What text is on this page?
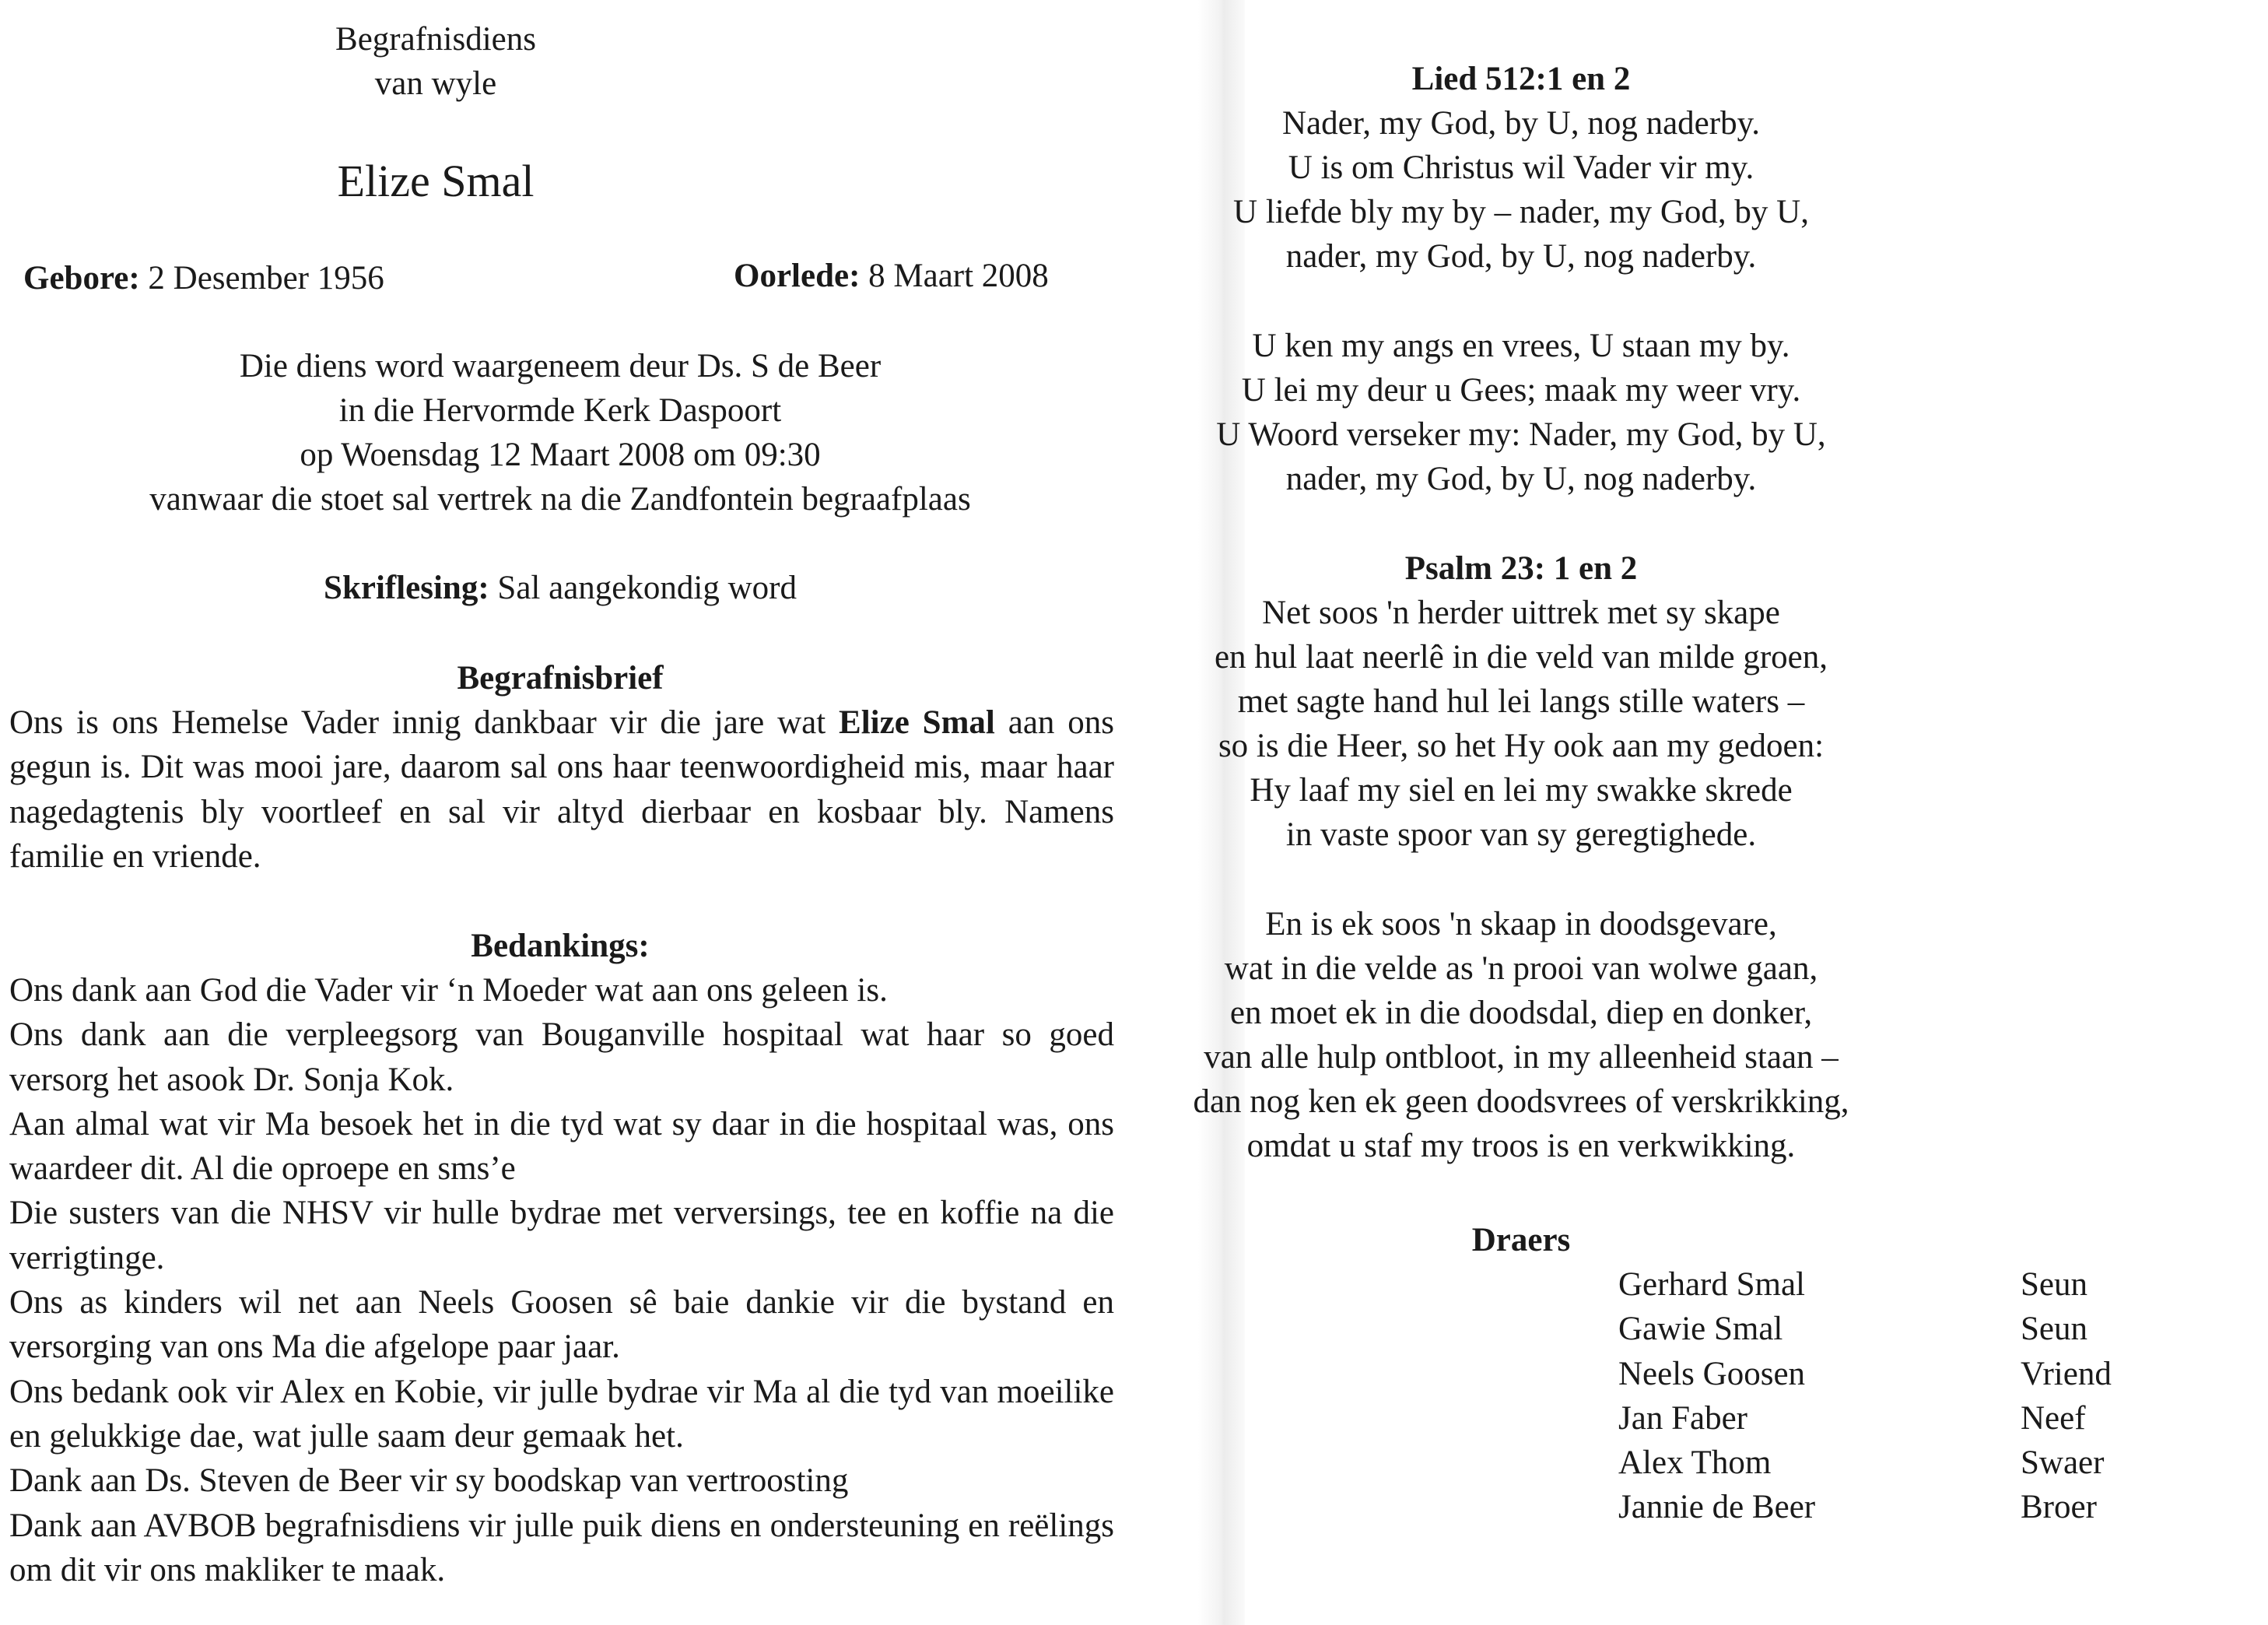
Begrafnisdiens
van wyle
Elize Smal
Gebore: 2 Desember 1956	Oorlede: 8 Maart 2008
Die diens word waargeneem deur Ds. S de Beer
in die Hervormde Kerk Daspoort
op Woensdag 12 Maart 2008 om 09:30
vanwaar die stoet sal vertrek na die Zandfontein begraafplaas
Skriflesing: Sal aangekondig word
Begrafnisbrief

Ons is ons Hemelse Vader innig dankbaar vir die jare wat Elize Smal aan ons gegun is. Dit was mooi jare, daarom sal ons haar teenwoordigheid mis, maar haar nagedagtenis bly voortleef en sal vir altyd dierbaar en kosbaar bly. Namens familie en vriende.

Bedankings:

Ons dank aan God die Vader vir ‘n Moeder wat aan ons geleen is.

Ons dank aan die verpleegsorg van Bouganville hospitaal wat haar so goed versorg het asook Dr. Sonja Kok.

Aan almal wat vir Ma besoek het in die tyd wat sy daar in die hospitaal was, ons waardeer dit. Al die oproepe en sms’e

Die susters van die NHSV vir hulle bydrae met verversings, tee en koffie na die verrigtinge.

Ons as kinders wil net aan Neels Goosen sê baie dankie vir die bystand en versorging van ons Ma die afgelope paar jaar.

Ons bedank ook vir Alex en Kobie, vir julle bydrae vir Ma al die tyd van moeilike en gelukkige dae, wat julle saam deur gemaak het.

Dank aan Ds. Steven de Beer vir sy boodskap van vertroosting

Dank aan AVBOB begrafnisdiens vir julle puik diens en ondersteuning en reëlings om dit vir ons makliker te maak.

Lied 512:1 en 2
Nader, my God, by U, nog naderby.
U is om Christus wil Vader vir my.
U liefde bly my by – nader, my God, by U,
nader, my God, by U, nog naderby.
U ken my angs en vrees, U staan my by.
U lei my deur u Gees; maak my weer vry.
U Woord verseker my: Nader, my God, by U,
nader, my God, by U, nog naderby.
Psalm 23: 1 en 2
Net soos 'n herder uittrek met sy skape
en hul laat neerlê in die veld van milde groen,
met sagte hand hul lei langs stille waters –
so is die Heer, so het Hy ook aan my gedoen:
Hy laaf my siel en lei my swakke skrede
in vaste spoor van sy geregtighede.
En is ek soos 'n skaap in doodsgevare,
wat in die velde as 'n prooi van wolwe gaan,
en moet ek in die doodsdal, diep en donker,
van alle hulp ontbloot, in my alleenheid staan –
dan nog ken ek geen doodsvrees of verskrikking,
omdat u staf my troos is en verkwikking.
Draers
Gerhard Smal	Seun
Gawie Smal	Seun
Neels Goosen	Vriend
Jan Faber	Neef
Alex Thom	Swaer
Jannie de Beer	Broer
